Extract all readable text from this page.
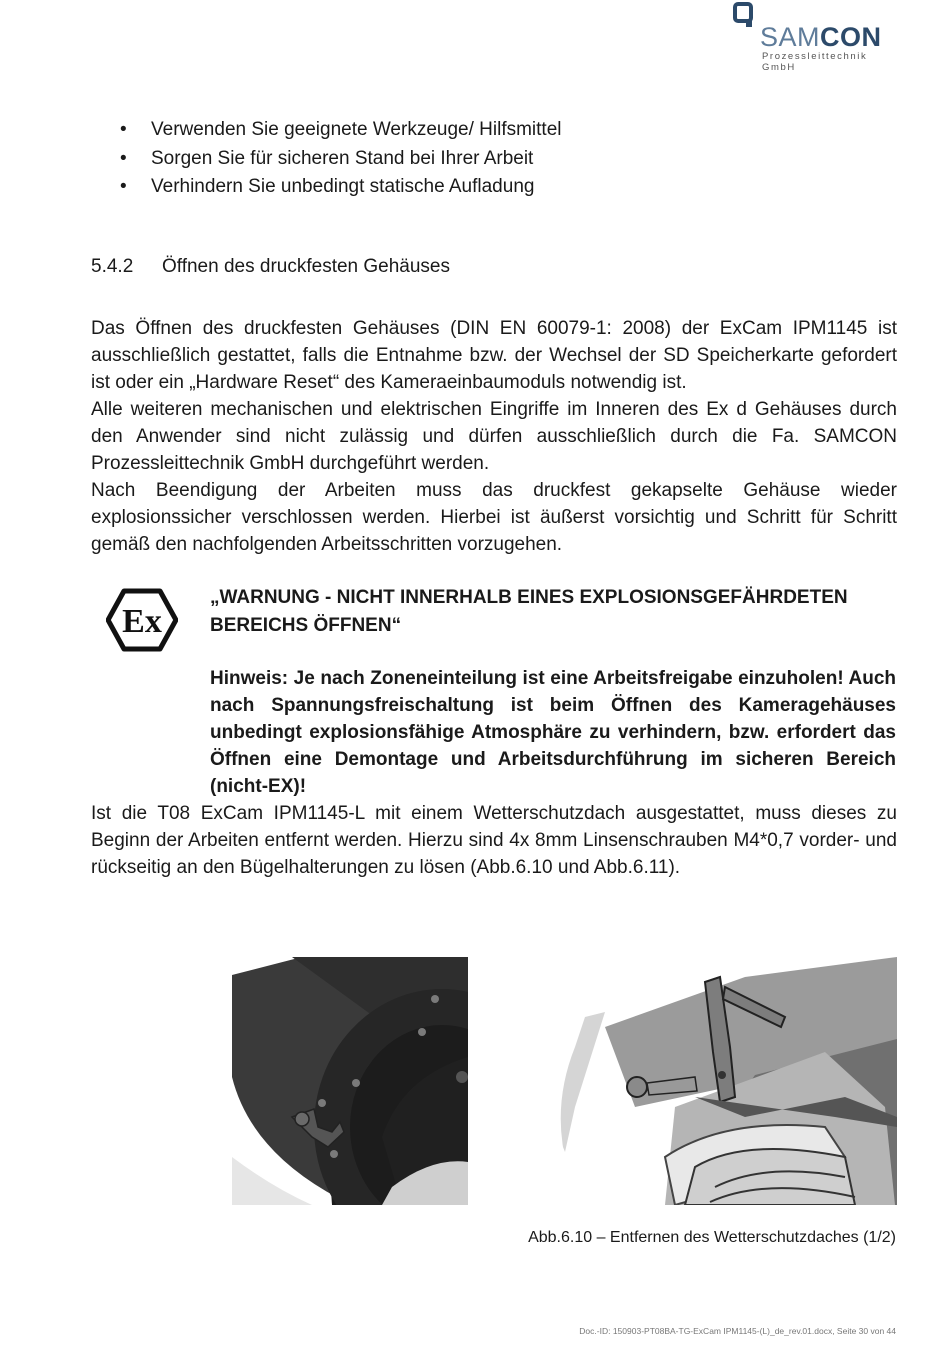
SAMCON
Prozessleittechnik GmbH
• Verwenden Sie geeignete Werkzeuge/ Hilfsmittel
• Sorgen Sie für sicheren Stand bei Ihrer Arbeit
• Verhindern Sie unbedingt statische Aufladung
5.4.2 Öffnen des druckfesten Gehäuses
Das Öffnen des druckfesten Gehäuses (DIN EN 60079-1: 2008) der ExCam IPM1145 ist ausschließlich gestattet, falls die Entnahme bzw. der Wechsel der SD Speicherkarte gefordert ist oder ein „Hardware Reset“ des Kameraeinbaumoduls notwendig ist.
Alle weiteren mechanischen und elektrischen Eingriffe im Inneren des Ex d Gehäuses durch den Anwender sind nicht zulässig und dürfen ausschließlich durch die Fa. SAMCON Prozessleittechnik GmbH durchgeführt werden.
Nach Beendigung der Arbeiten muss das druckfest gekapselte Gehäuse wieder explosionssicher verschlossen werden. Hierbei ist äußerst vorsichtig und Schritt für Schritt gemäß den nachfolgenden Arbeitsschritten vorzugehen.
Ex

„WARNUNG - NICHT INNERHALB EINES EXPLOSIONSGEFÄHRDETEN BEREICHS ÖFFNEN“

Hinweis: Je nach Zoneneinteilung ist eine Arbeitsfreigabe einzuholen! Auch nach Spannungsfreischaltung ist beim Öffnen des Kameragehäuses unbedingt explosionsfähige Atmosphäre zu verhindern, bzw. erfordert das Öffnen eine Demontage und Arbeitsdurchführung im sicheren Bereich (nicht-EX)!

Ist die T08 ExCam IPM1145-L mit einem Wetterschutzdach ausgestattet, muss dieses zu Beginn der Arbeiten entfernt werden. Hierzu sind 4x 8mm Linsenschrauben M4*0,7 vorder- und rückseitig an den Bügelhalterungen zu lösen (Abb.6.10 und Abb.6.11).
Abb.6.10 – Entfernen des Wetterschutzdaches (1/2)
Doc.-ID: 150903-PT08BA-TG-ExCam IPM1145-(L)_de_rev.01.docx, Seite 30 von 44
